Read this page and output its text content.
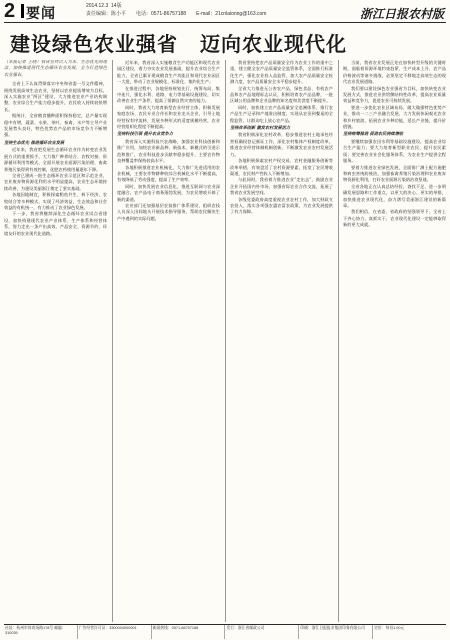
2 要闻	2014.12.3 14版
责任编辑：陈小平 电话：0571-86757188 E-mail：21cnlaionng@163.com	浙江日报农村版
建设绿色农业强省 迈向农业现代化

（本报记者 王晓）我省坚持以人为本、生态优先的理念，加快推进现代生态循环农业发展，全力打造绿色农业强省。

全省上下认真贯彻落实中央和省委一号文件精神，围绕发展高效生态农业，坚持以农业提质增效为目标，深入实施农业“两区”建设，大力推进农业产业结构调整，农业综合生产能力稳步提升，农民收入持续较快增长。

据统计，全省粮食播种面积保持稳定，总产量实现稳中有增，蔬菜、水果、茶叶、畜禽、水产等主导产业发展势头良好，特色优势农产品的市场竞争力不断增强。

坚持生态优先 推进循环农业发展

近年来，我省把发展生态循环农业作为转变农业发展方式的重要抓手，大力推广种养结合、农牧对接、资源循环利用等模式，全面开展农业面源污染治理，畜禽养殖污染得到有效控制，化肥农药使用量逐年下降。

全省已建成一批生态循环农业示范区和示范企业，农业废弃物资源化利用水平明显提高，农业生态环境持续改善，为建设美丽浙江奠定了坚实基础。

各地因地制宜，积极探索稻鱼共生、林下经济、农牧结合等多种模式，实现了经济效益、生态效益和社会效益的有机统一，有力推动了农业绿色发展。

下一步，我省将继续深化生态循环农业试点省建设，加快构建现代农业产业体系、生产体系和经营体系，努力走出一条产出高效、产品安全、资源节约、环境友好的农业现代化道路。

近年来，我省深入实施粮食生产功能区和现代农业园区建设，着力夯实农业发展基础，提升农业综合生产能力，全省已累计建成粮食生产功能区和现代农业园区一大批，带动了农业规模化、标准化、集约化生产。

在推进过程中，各地坚持规划先行，统筹布局，集中连片，强化水利、道路、电力等基础设施建设，切实改善农业生产条件，提高了抵御自然灾害的能力。

同时，我省大力培育新型农业经营主体，积极发展家庭农场、农民专业合作社和农业龙头企业，引导土地经营权有序流转，发展多种形式的适度规模经营，农业经营组织化程度不断提高。

坚持科技引领 提升农业竞争力

我省深入实施科技兴农战略，加强农业科技创新和推广应用，加快农业新品种、新技术、新模式的引进示范和推广，农业科技进步贡献率稳步提升，主要农作物良种覆盖率保持较高水平。

各地积极推进农业机械化，大力推广先进适用的农业机械，主要农作物耕种收综合机械化水平不断提高，有效降低了劳动强度，提高了生产效率。

同时，加快发展农业信息化，推进互联网与农业深度融合，农产品电子商务蓬勃发展，为农民增收开辟了新的渠道。

农业部门还加强基层农技推广体系建设，组织农技人员深入田间地头开展技术指导服务，帮助农民解决生产中遇到的实际问题。

我省坚持把农产品质量安全作为农业工作的重中之重，建立健全农产品质量安全监管体系，全面推行标准化生产，强化农业投入品监管，加大农产品质量安全检测力度，农产品质量安全水平稳步提升。

全省大力推进无公害农产品、绿色食品、有机农产品和农产品地理标志认证，积极培育农产品品牌，一批区域公用品牌和企业品牌的知名度和美誉度不断提升。

同时，加快建立农产品质量安全追溯体系，推行农产品生产记录和产地准出制度，实现从农田到餐桌的全程监管，让群众吃上放心农产品。

坚持改革创新 激发农村发展活力

我省积极深化农村改革，稳步推进农村土地承包经营权确权登记颁证工作，深化农村集体产权制度改革，推进农业经营体制机制创新，不断激发农业农村发展活力。

各地积极探索农村产权交易、农村金融服务创新等改革举措，有效盘活了农村资源要素，拓宽了农民增收渠道，农民财产性收入不断增加。

与此同时，我省着力推进农业“走出去”，鼓励农业企业开拓国内外市场，加强省际农业合作交流，拓展了我省农业发展空间。

各级党委政府高度重视农业农村工作，加大财政支农投入，落实各项强农惠农富农政策，为农业发展提供了有力保障。

当前，我省农业发展正处在加快转型升级的关键时期，面临着资源环境约束趋紧、生产成本上升、农产品价格波动等诸多挑战，必须坚定不移地走高效生态的现代农业发展道路。

我们要以建设绿色农业强省为目标，加快转变农业发展方式，推进农业供给侧结构性改革，提高农业质量效益和竞争力，促进农业可持续发展。

要进一步优化农业区域布局，做大做强特色优势产业，推动一二三产业融合发展，大力发展休闲观光农业和乡村旅游，拓展农业多种功能，延长产业链，提升价值链。

坚持统筹推进 促进农民持续增收

要继续加强农田水利等基础设施建设，提高农业综合生产能力；要大力培育新型职业农民，提升农民素质；要完善农业社会化服务体系，为农业生产提供全程服务。

要着力推进农业绿色发展，全面推广测土配方施肥和病虫害统防统治，加强畜禽养殖污染治理和农业废弃物资源化利用，打好农业面源污染防治攻坚战。

全省各地正在认真总结经验，查找不足，进一步明确发展思路和工作重点，以更大的决心、更实的举措，加快推进农业现代化，奋力谱写美丽浙江建设的新篇章。

我们相信，在省委、省政府的坚强领导下，全省上下齐心协力、真抓实干，农业现代化建设一定能够取得新的更大成就。

社址：杭州市体育场路178号 邮编：310039
广告经营许可证：3300004000001	新闻热线：0571-86757188	发行：浙江省邮政公司	印刷：浙江日报报业集团印务有限公司	定价：每份1.00元
